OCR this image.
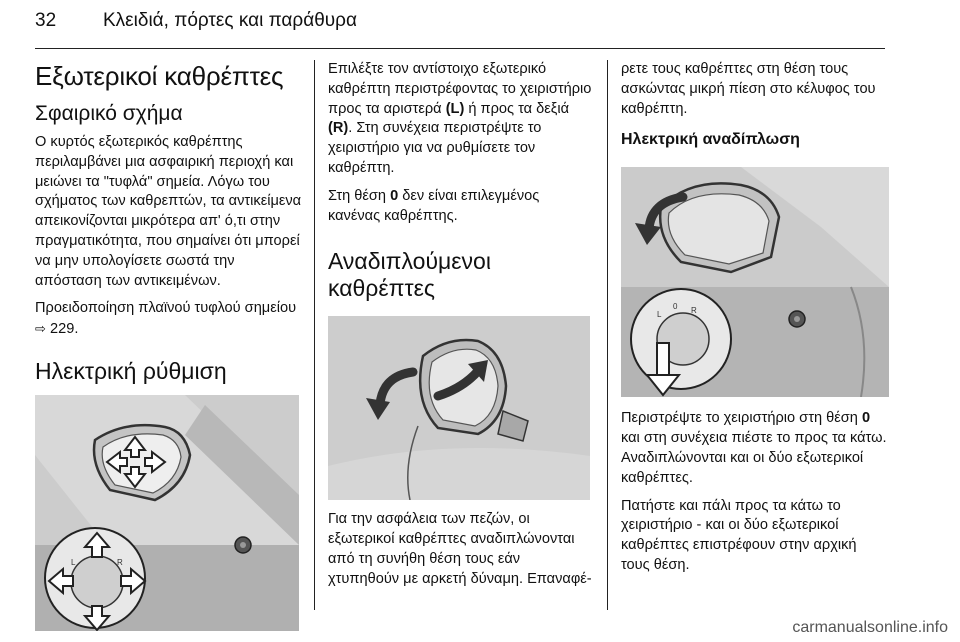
32 Κλειδιά, πόρτες και παράθυρα
Εξωτερικοί καθρέπτες
Σφαιρικό σχήμα

Ο κυρτός εξωτερικός καθρέπτης περιλαμβάνει μια ασφαιρική περιοχή και μειώνει τα "τυφλά" σημεία. Λόγω του σχήματος των καθρεπτών, τα αντικείμενα απεικονίζονται μικρότερα απ' ό,τι στην πραγματικότητα, που σημαίνει ότι μπορεί να μην υπολογίσετε σωστά την απόσταση των αντικειμένων.

Προειδοποίηση πλαϊνού τυφλού σημείου ⇨ 229.

Ηλεκτρική ρύθμιση
L	R

Επιλέξτε τον αντίστοιχο εξωτερικό καθρέπτη περιστρέφοντας το χειριστήριο προς τα αριστερά (L) ή προς τα δεξιά (R). Στη συνέχεια περιστρέψτε το χειριστήριο για να ρυθμίσετε τον καθρέπτη.

Στη θέση 0 δεν είναι επιλεγμένος κανένας καθρέπτης.

Αναδιπλούμενοι καθρέπτες

Για την ασφάλεια των πεζών, οι εξωτερικοί καθρέπτες αναδιπλώνονται από τη συνήθη θέση τους εάν χτυπηθούν με αρκετή δύναμη. Επαναφέ-

ρετε τους καθρέπτες στη θέση τους ασκώντας μικρή πίεση στο κέλυφος του καθρέπτη.

Ηλεκτρική αναδίπλωση
L
0 R

Περιστρέψτε το χειριστήριο στη θέση 0 και στη συνέχεια πιέστε το προς τα κάτω. Αναδιπλώνονται και οι δύο εξωτερικοί καθρέπτες.

Πατήστε και πάλι προς τα κάτω το χειριστήριο - και οι δύο εξωτερικοί καθρέπτες επιστρέφουν στην αρχική τους θέση.

carmanualsonline.info
